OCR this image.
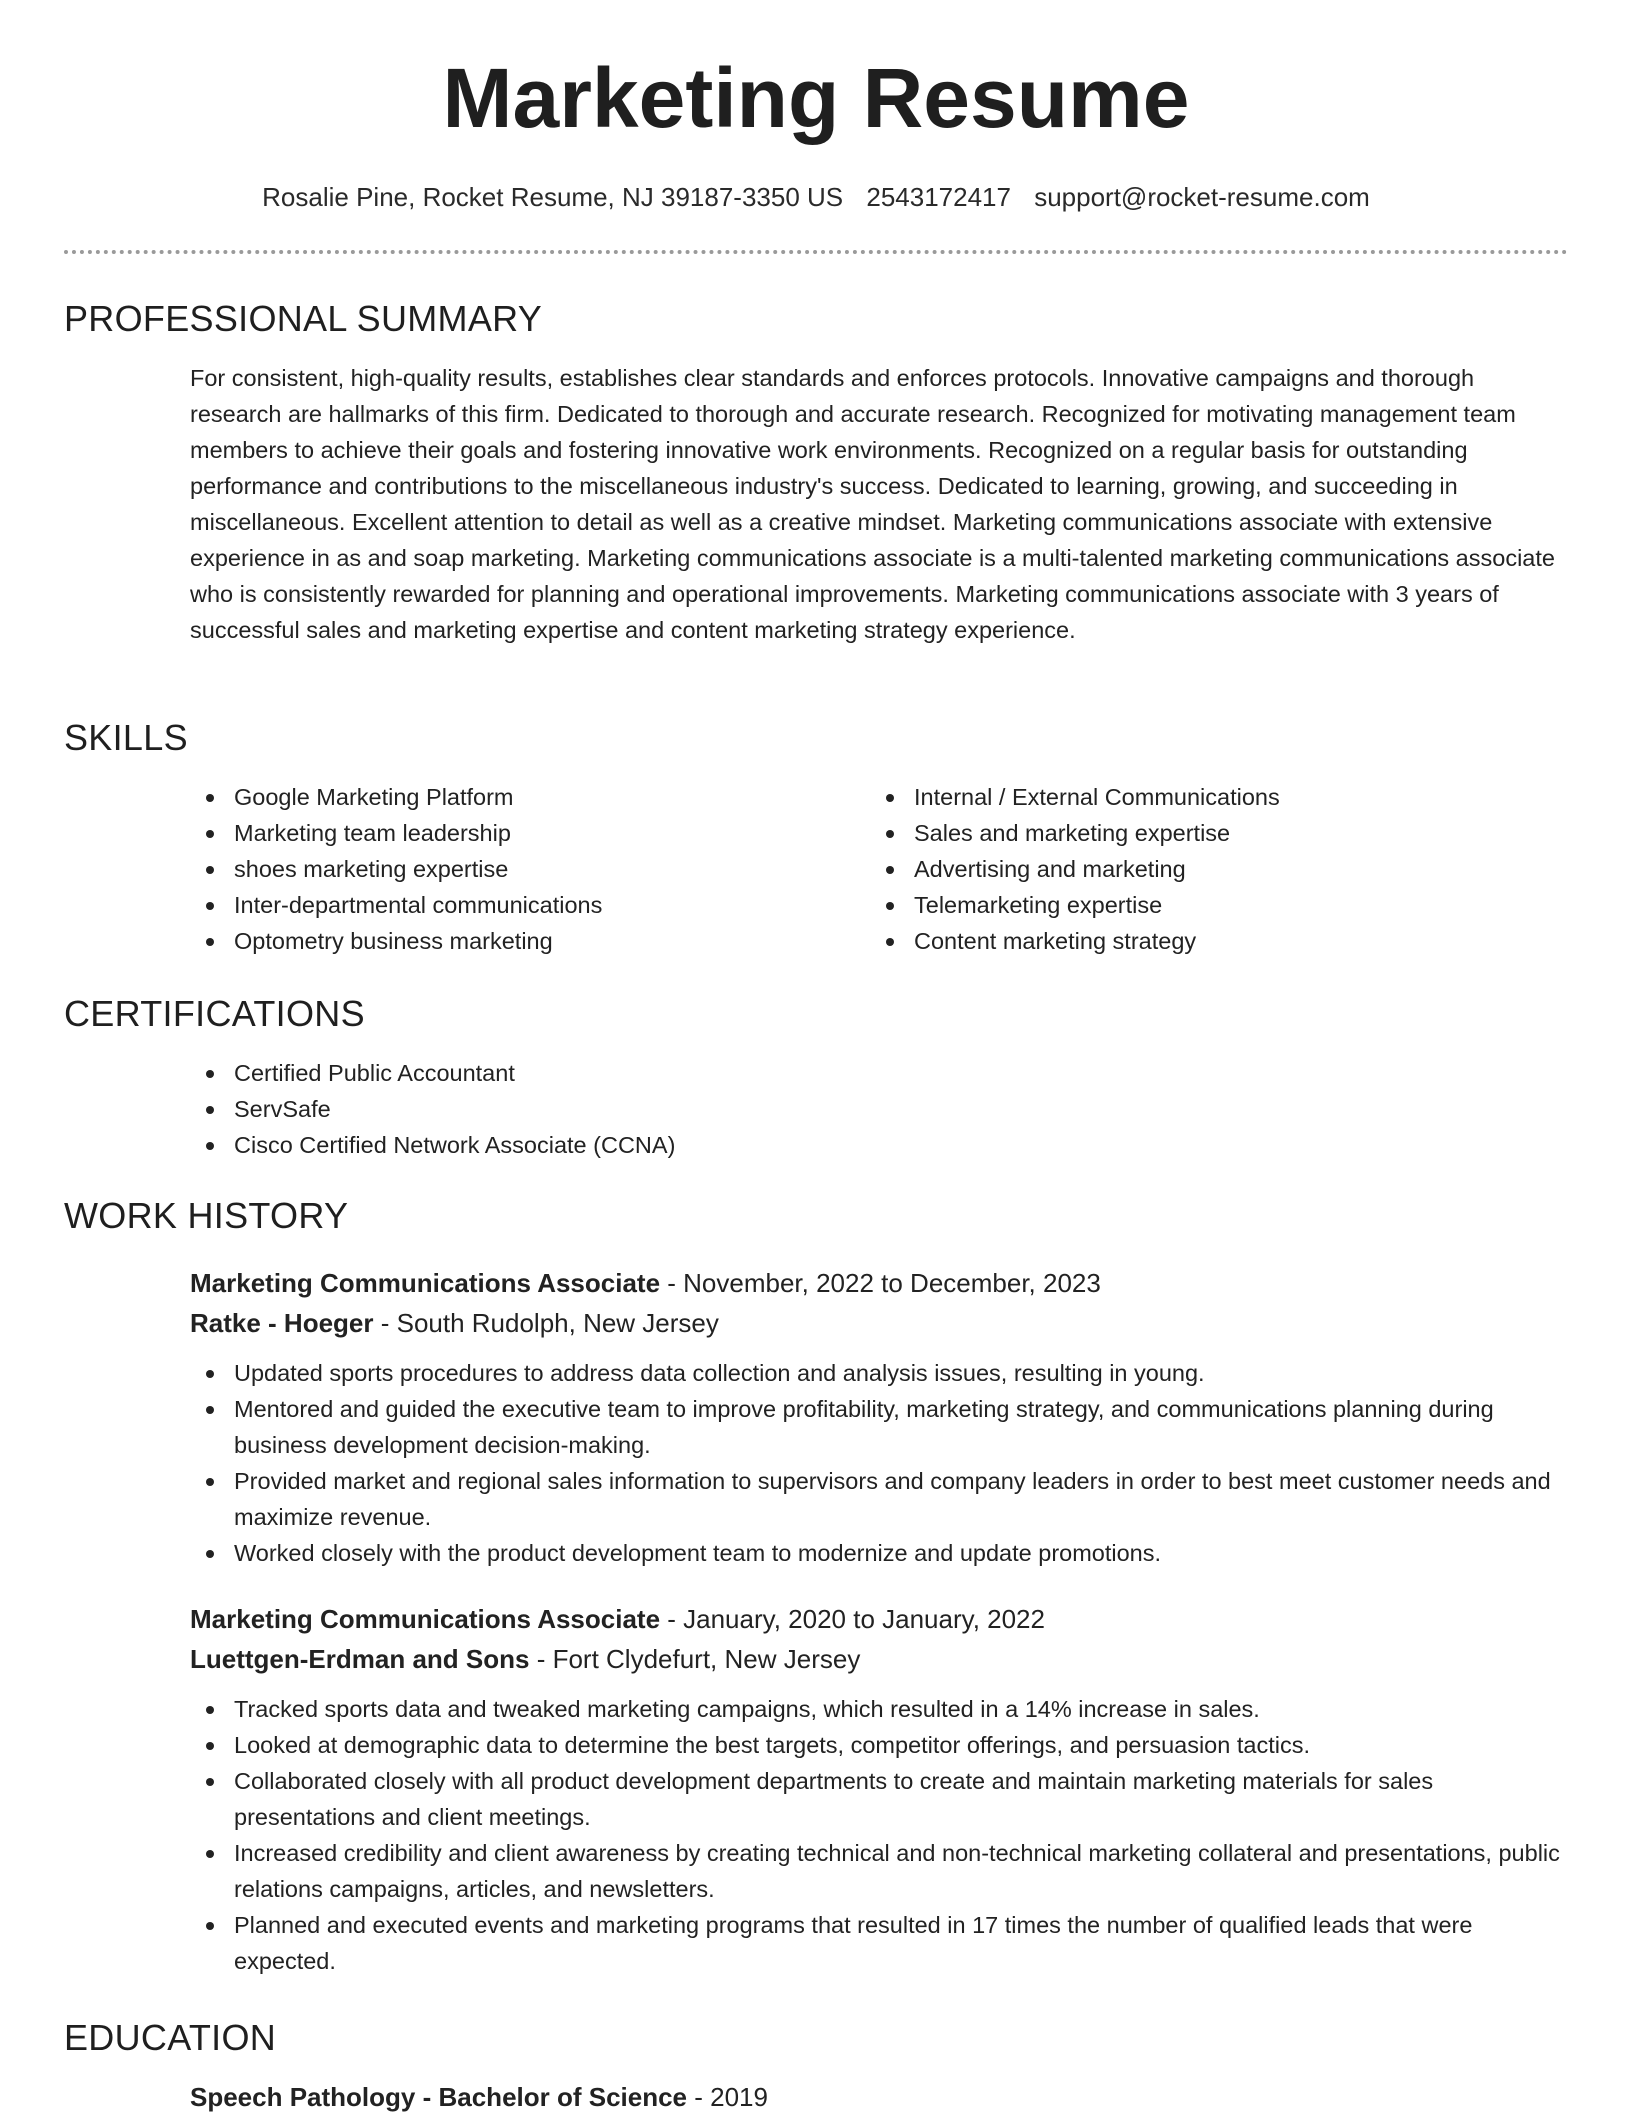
Marketing Resume
Rosalie Pine, Rocket Resume, NJ 39187-3350 US 2543172417 support@rocket-resume.com
PROFESSIONAL SUMMARY

For consistent, high-quality results, establishes clear standards and enforces protocols. Innovative campaigns and thorough research are hallmarks of this firm. Dedicated to thorough and accurate research. Recognized for motivating management team members to achieve their goals and fostering innovative work environments. Recognized on a regular basis for outstanding performance and contributions to the miscellaneous industry's success. Dedicated to learning, growing, and succeeding in miscellaneous. Excellent attention to detail as well as a creative mindset. Marketing communications associate with extensive experience in as and soap marketing. Marketing communications associate is a multi-talented marketing communications associate who is consistently rewarded for planning and operational improvements. Marketing communications associate with 3 years of successful sales and marketing expertise and content marketing strategy experience.

SKILLS
Google Marketing Platform
Marketing team leadership
shoes marketing expertise
Inter-departmental communications
Optometry business marketing
Internal / External Communications
Sales and marketing expertise
Advertising and marketing
Telemarketing expertise
Content marketing strategy
CERTIFICATIONS
Certified Public Accountant
ServSafe
Cisco Certified Network Associate (CCNA)
WORK HISTORY
Marketing Communications Associate - November, 2022 to December, 2023
Ratke - Hoeger - South Rudolph, New Jersey
Updated sports procedures to address data collection and analysis issues, resulting in young.
Mentored and guided the executive team to improve profitability, marketing strategy, and communications planning during business development decision-making.
Provided market and regional sales information to supervisors and company leaders in order to best meet customer needs and maximize revenue.
Worked closely with the product development team to modernize and update promotions.
Marketing Communications Associate - January, 2020 to January, 2022
Luettgen-Erdman and Sons - Fort Clydefurt, New Jersey
Tracked sports data and tweaked marketing campaigns, which resulted in a 14% increase in sales.
Looked at demographic data to determine the best targets, competitor offerings, and persuasion tactics.
Collaborated closely with all product development departments to create and maintain marketing materials for sales presentations and client meetings.
Increased credibility and client awareness by creating technical and non-technical marketing collateral and presentations, public relations campaigns, articles, and newsletters.
Planned and executed events and marketing programs that resulted in 17 times the number of qualified leads that were expected.
EDUCATION
Speech Pathology - Bachelor of Science - 2019
